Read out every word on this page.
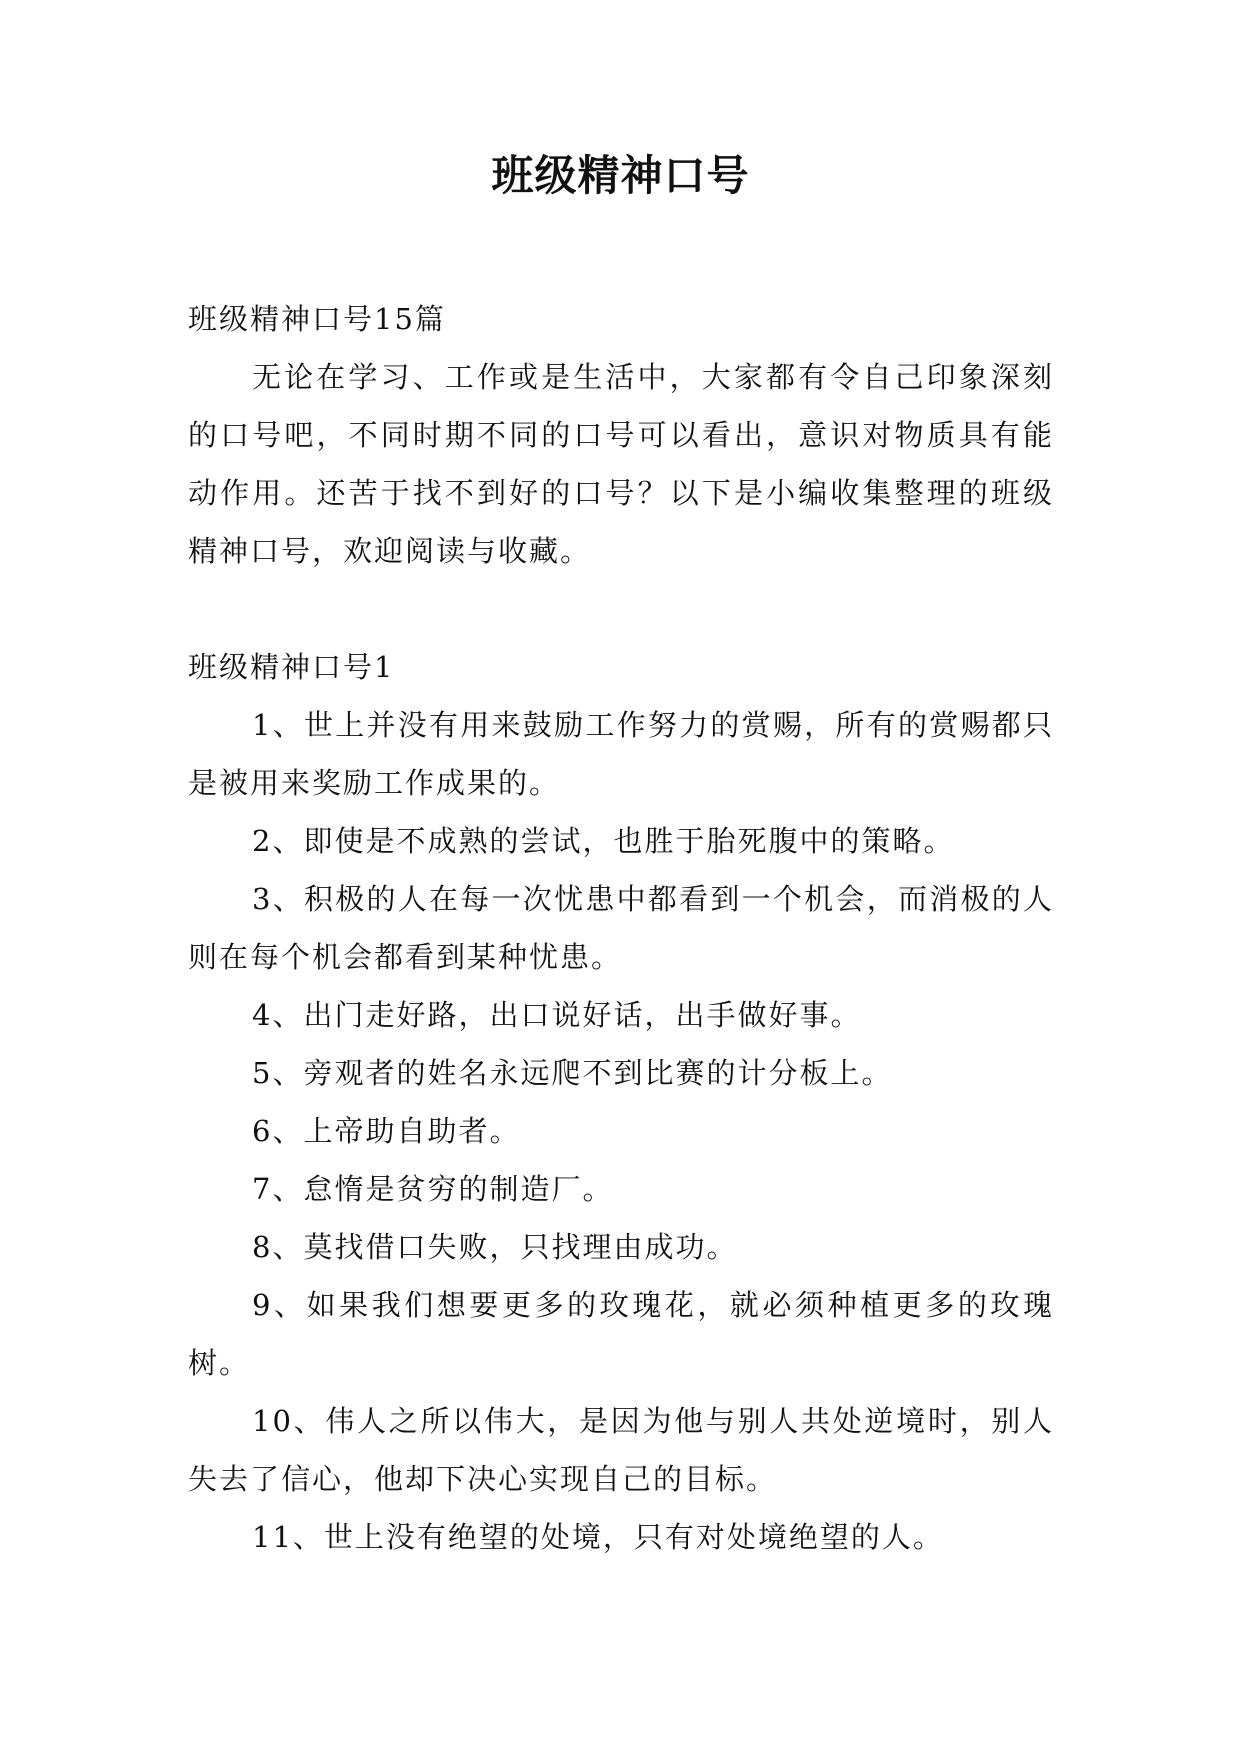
班级精神口号

班级精神口号15篇

无论在学习、工作或是生活中，大家都有令自己印象深刻的口号吧，不同时期不同的口号可以看出，意识对物质具有能动作用。还苦于找不到好的口号？以下是小编收集整理的班级精神口号，欢迎阅读与收藏。

班级精神口号1

1、世上并没有用来鼓励工作努力的赏赐，所有的赏赐都只是被用来奖励工作成果的。

2、即使是不成熟的尝试，也胜于胎死腹中的策略。

3、积极的人在每一次忧患中都看到一个机会，而消极的人则在每个机会都看到某种忧患。

4、出门走好路，出口说好话，出手做好事。

5、旁观者的姓名永远爬不到比赛的计分板上。

6、上帝助自助者。

7、怠惰是贫穷的制造厂。

8、莫找借口失败，只找理由成功。

9、如果我们想要更多的玫瑰花，就必须种植更多的玫瑰树。

10、伟人之所以伟大，是因为他与别人共处逆境时，别人失去了信心，他却下决心实现自己的目标。

11、世上没有绝望的处境，只有对处境绝望的人。
